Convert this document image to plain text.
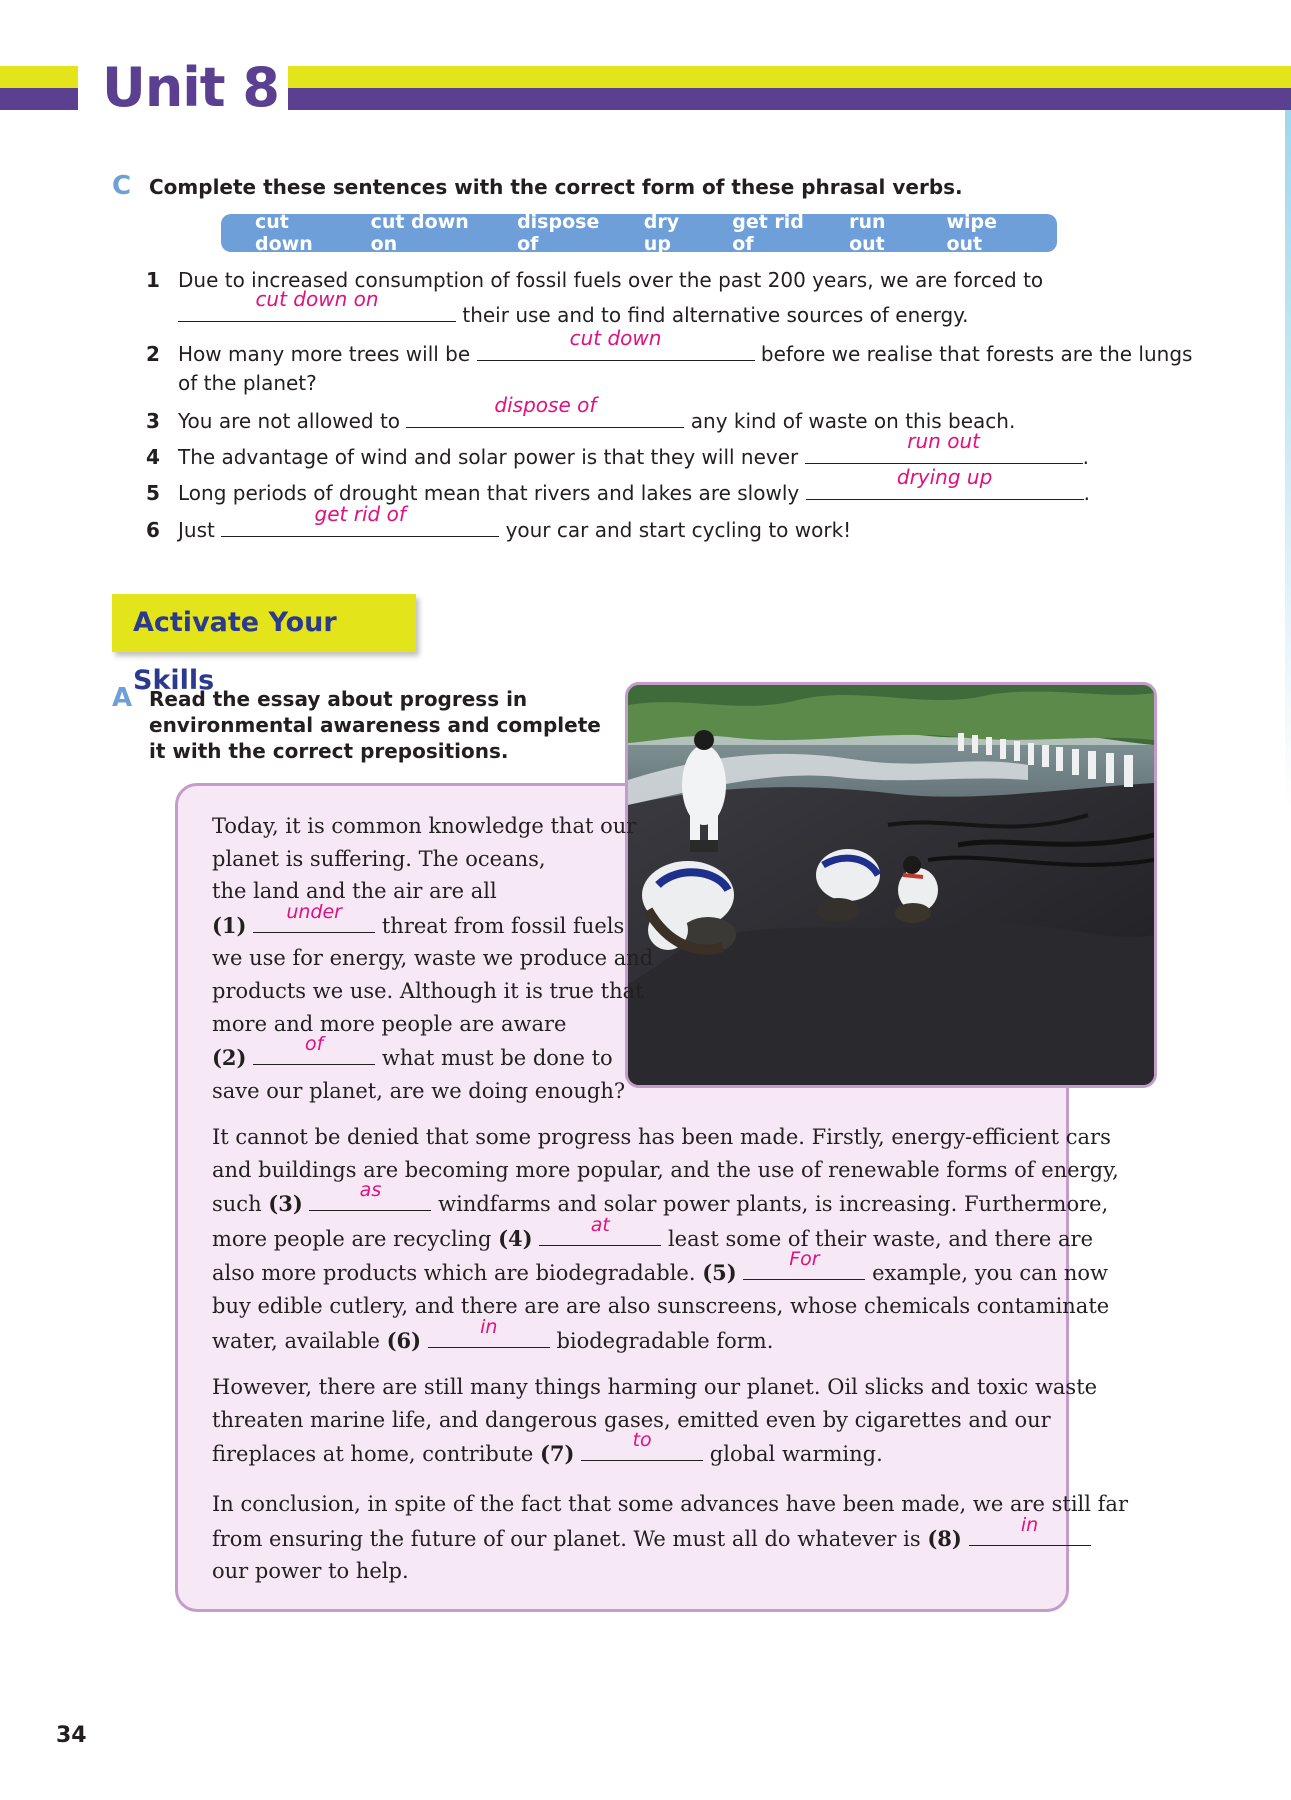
Unit 8
C Complete these sentences with the correct form of these phrasal verbs.
cut down
cut down on
dispose of
dry up
get rid of
run out
wipe out
1 Due to increased consumption of fossil fuels over the past 200 years, we are forced to
cut down on
their use and to find alternative sources of energy.
2 How many more trees will be
cut down
before we realise that forests are the lungs
of the planet?
3 You are not allowed to
dispose of
any kind of waste on this beach.
4 The advantage of wind and solar power is that they will never
run out
.
5 Long periods of drought mean that rivers and lakes are slowly
drying up
.
6 Just
get rid of
your car and start cycling to work!
Activate Your Skills
A Read the essay about progress in
environmental awareness and complete
it with the correct prepositions.
Today, it is common knowledge that our
planet is suffering. The oceans,
the land and the air are all
(1)
under
threat from fossil fuels
we use for energy, waste we produce and
products we use. Although it is true that
more and more people are aware
(2)
of
what must be done to
save our planet, are we doing enough?
It cannot be denied that some progress has been made. Firstly, energy-efficient cars
and buildings are becoming more popular, and the use of renewable forms of energy,
such (3)
as
windfarms and solar power plants, is increasing. Furthermore,
more people are recycling (4)
at
least some of their waste, and there are
also more products which are biodegradable. (5)
For
example, you can now
buy edible cutlery, and there are are also sunscreens, whose chemicals contaminate
water, available (6)
in
biodegradable form.
However, there are still many things harming our planet. Oil slicks and toxic waste
threaten marine life, and dangerous gases, emitted even by cigarettes and our
fireplaces at home, contribute (7)
to
global warming.
In conclusion, in spite of the fact that some advances have been made, we are still far
from ensuring the future of our planet. We must all do whatever is (8)
in
our power to help.
34
